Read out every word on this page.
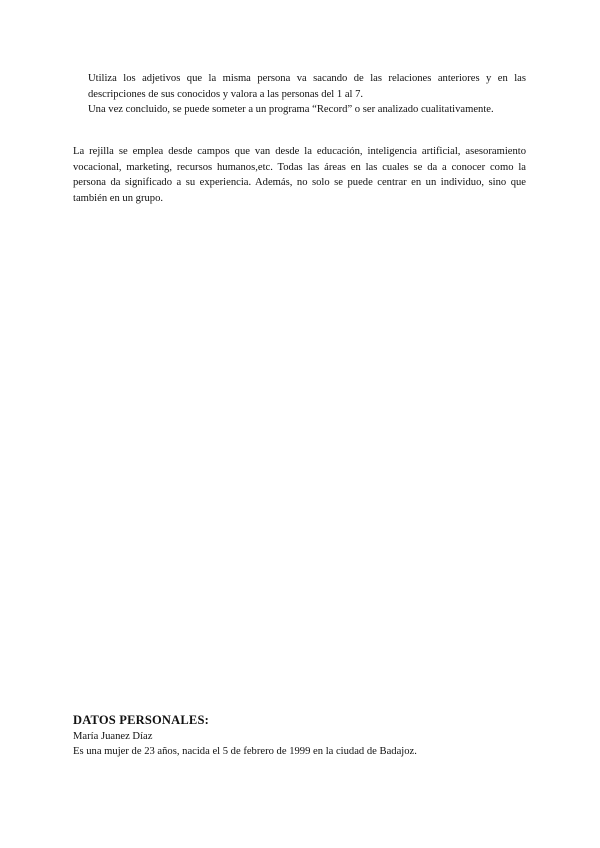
Utiliza los adjetivos que la misma persona va sacando de las relaciones anteriores y en las
descripciones de sus conocidos y valora a las personas del 1 al 7.
Una vez concluido, se puede someter a un programa “Record” o ser analizado cualitativamente.
La rejilla se emplea desde campos que van desde la educación, inteligencia artificial, asesoramiento
vocacional, marketing, recursos humanos,etc. Todas las áreas en las cuales se da a conocer como la
persona da significado a su experiencia. Además, no solo se puede centrar en un individuo, sino que
también en un grupo.
DATOS PERSONALES:
María Juanez Díaz
Es una mujer de 23 años, nacida el 5 de febrero de 1999 en la ciudad de Badajoz.
